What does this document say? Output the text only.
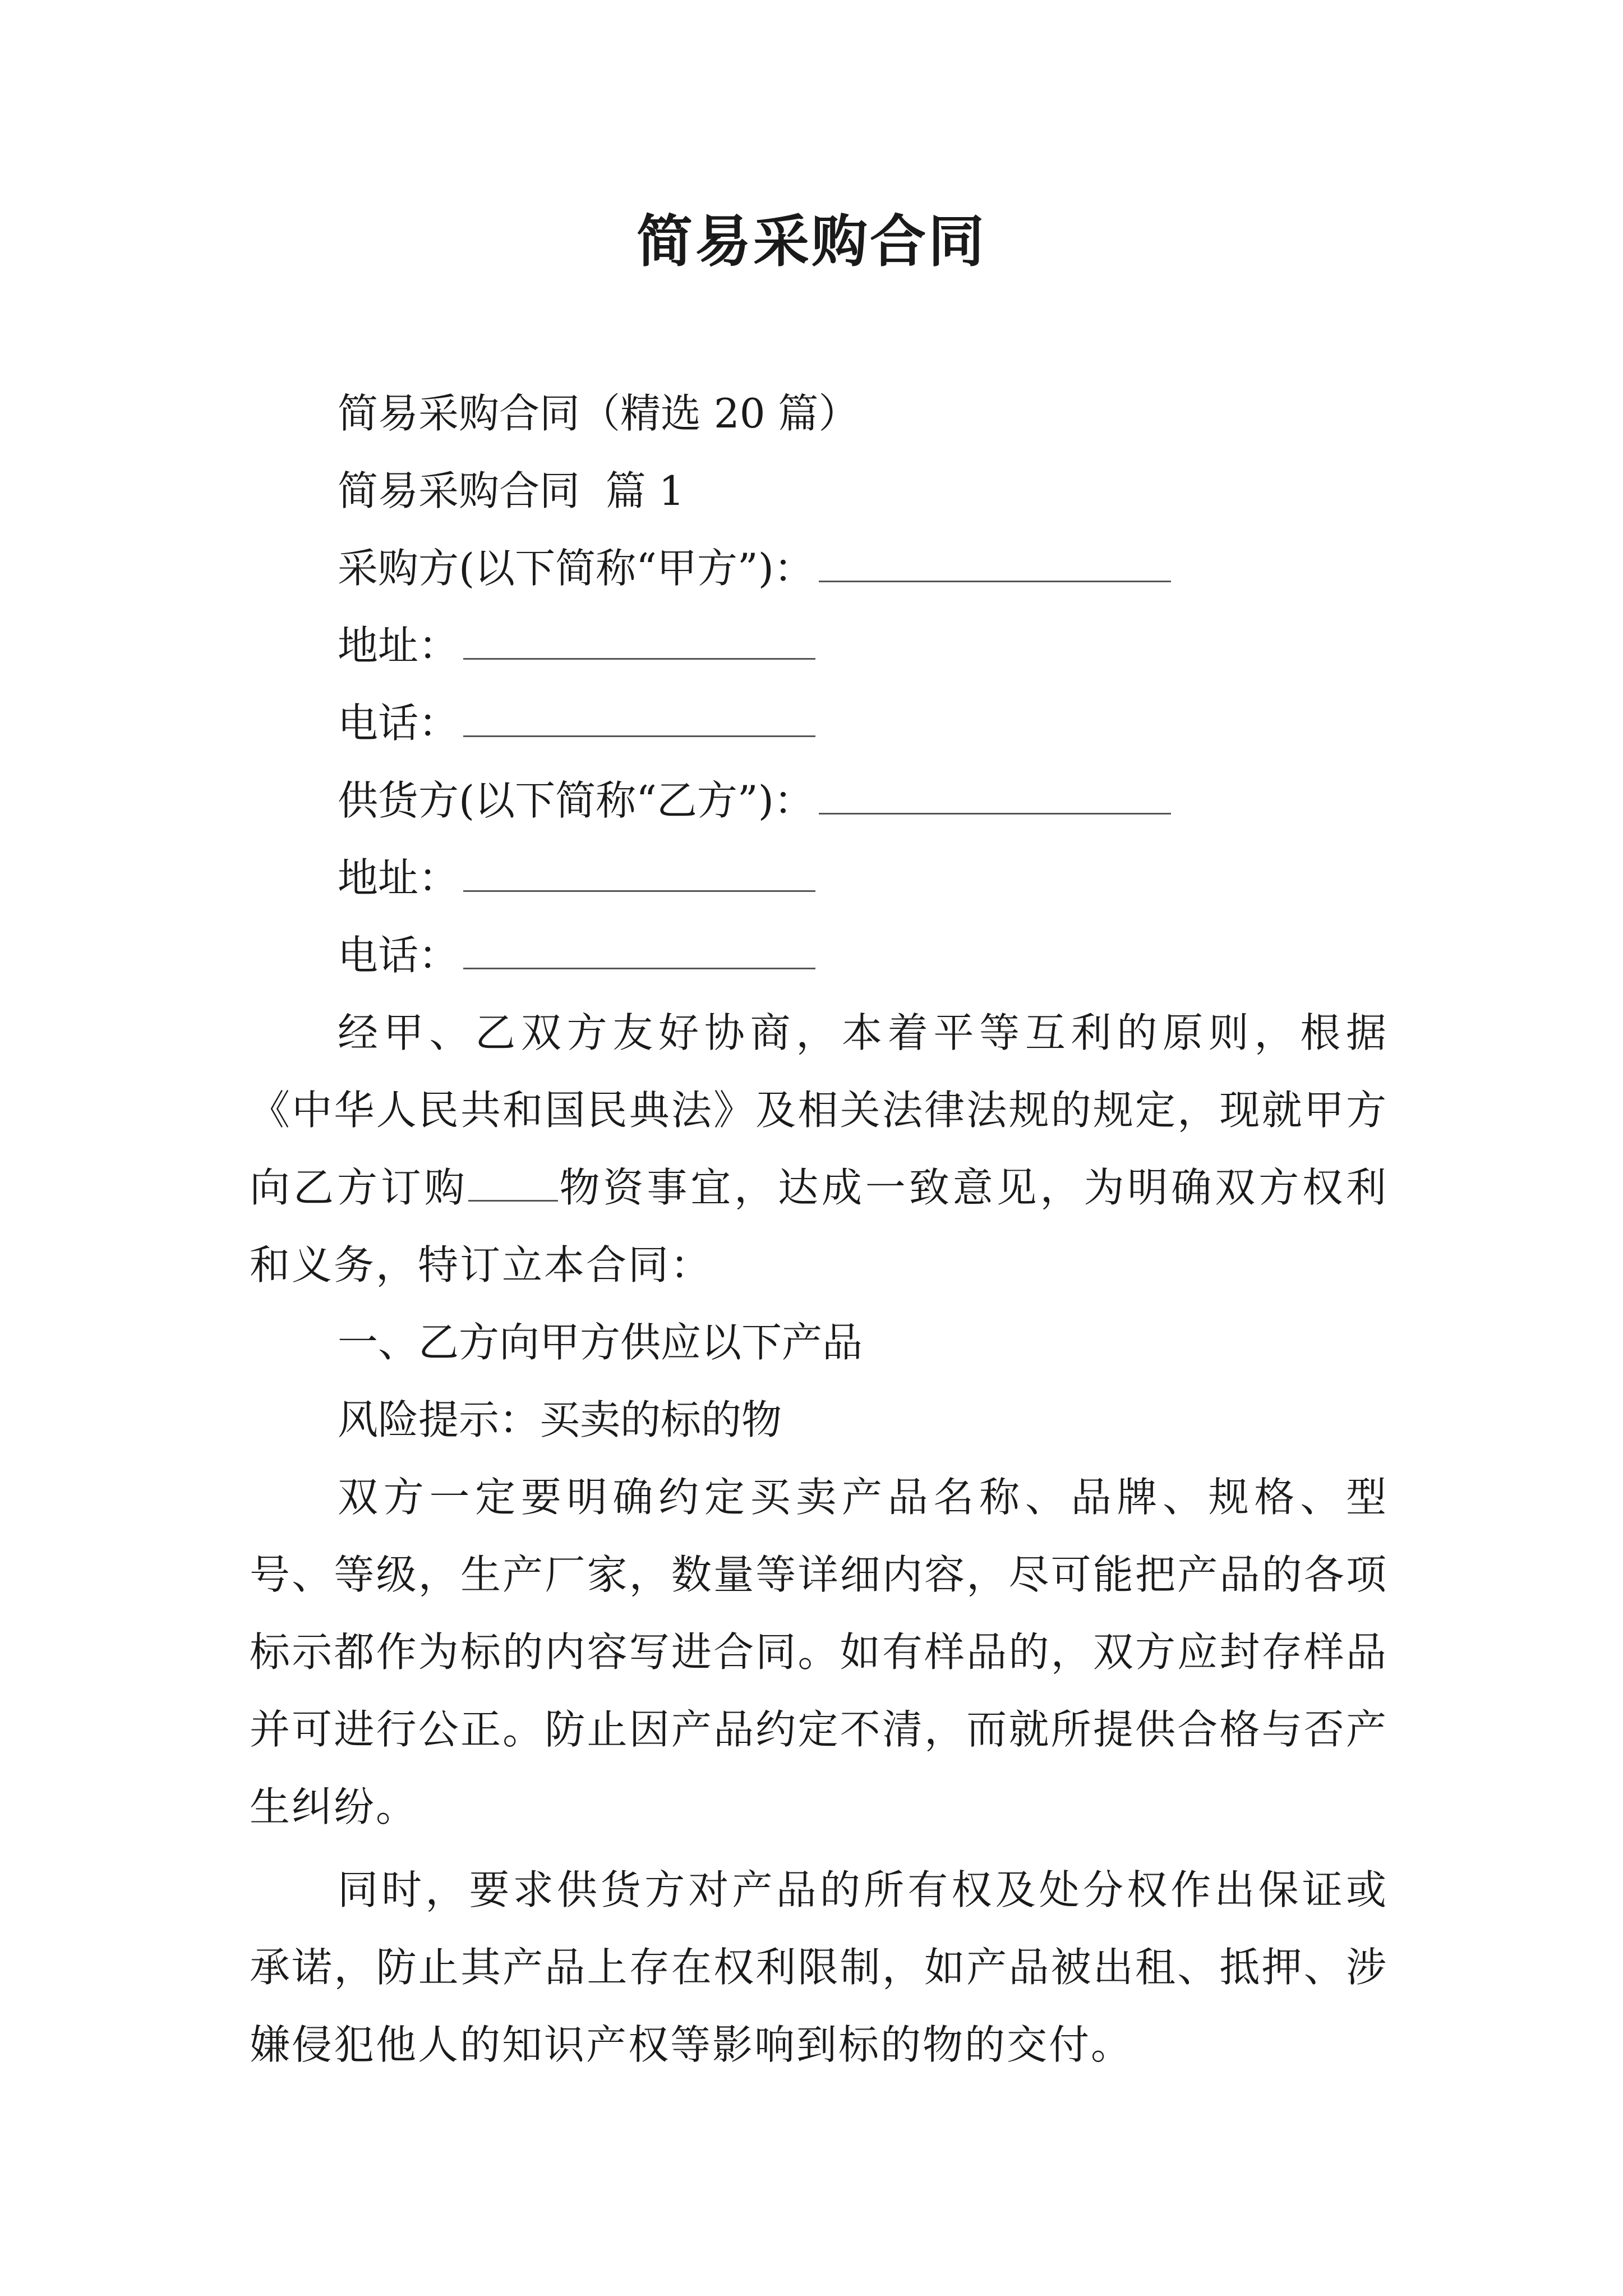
简易采购合同

简易采购合同（精选 20 篇）

简易采购合同  篇 1

采购方(以下简称“甲方”)：

地址：

电话：

供货方(以下简称“乙方”)：

地址：

电话：

经甲、乙双方友好协商，本着平等互利的原则，根据《中华人民共和国民典法》及相关法律法规的规定，现就甲方向乙方订购 物资事宜，达成一致意见，为明确双方权利和义务，特订立本合同：

一、乙方向甲方供应以下产品

风险提示：买卖的标的物

双方一定要明确约定买卖产品名称、品牌、规格、型号、等级，生产厂家，数量等详细内容，尽可能把产品的各项标示都作为标的内容写进合同。如有样品的，双方应封存样品并可进行公正。防止因产品约定不清，而就所提供合格与否产生纠纷。

同时，要求供货方对产品的所有权及处分权作出保证或承诺，防止其产品上存在权利限制，如产品被出租、抵押、涉嫌侵犯他人的知识产权等影响到标的物的交付。
